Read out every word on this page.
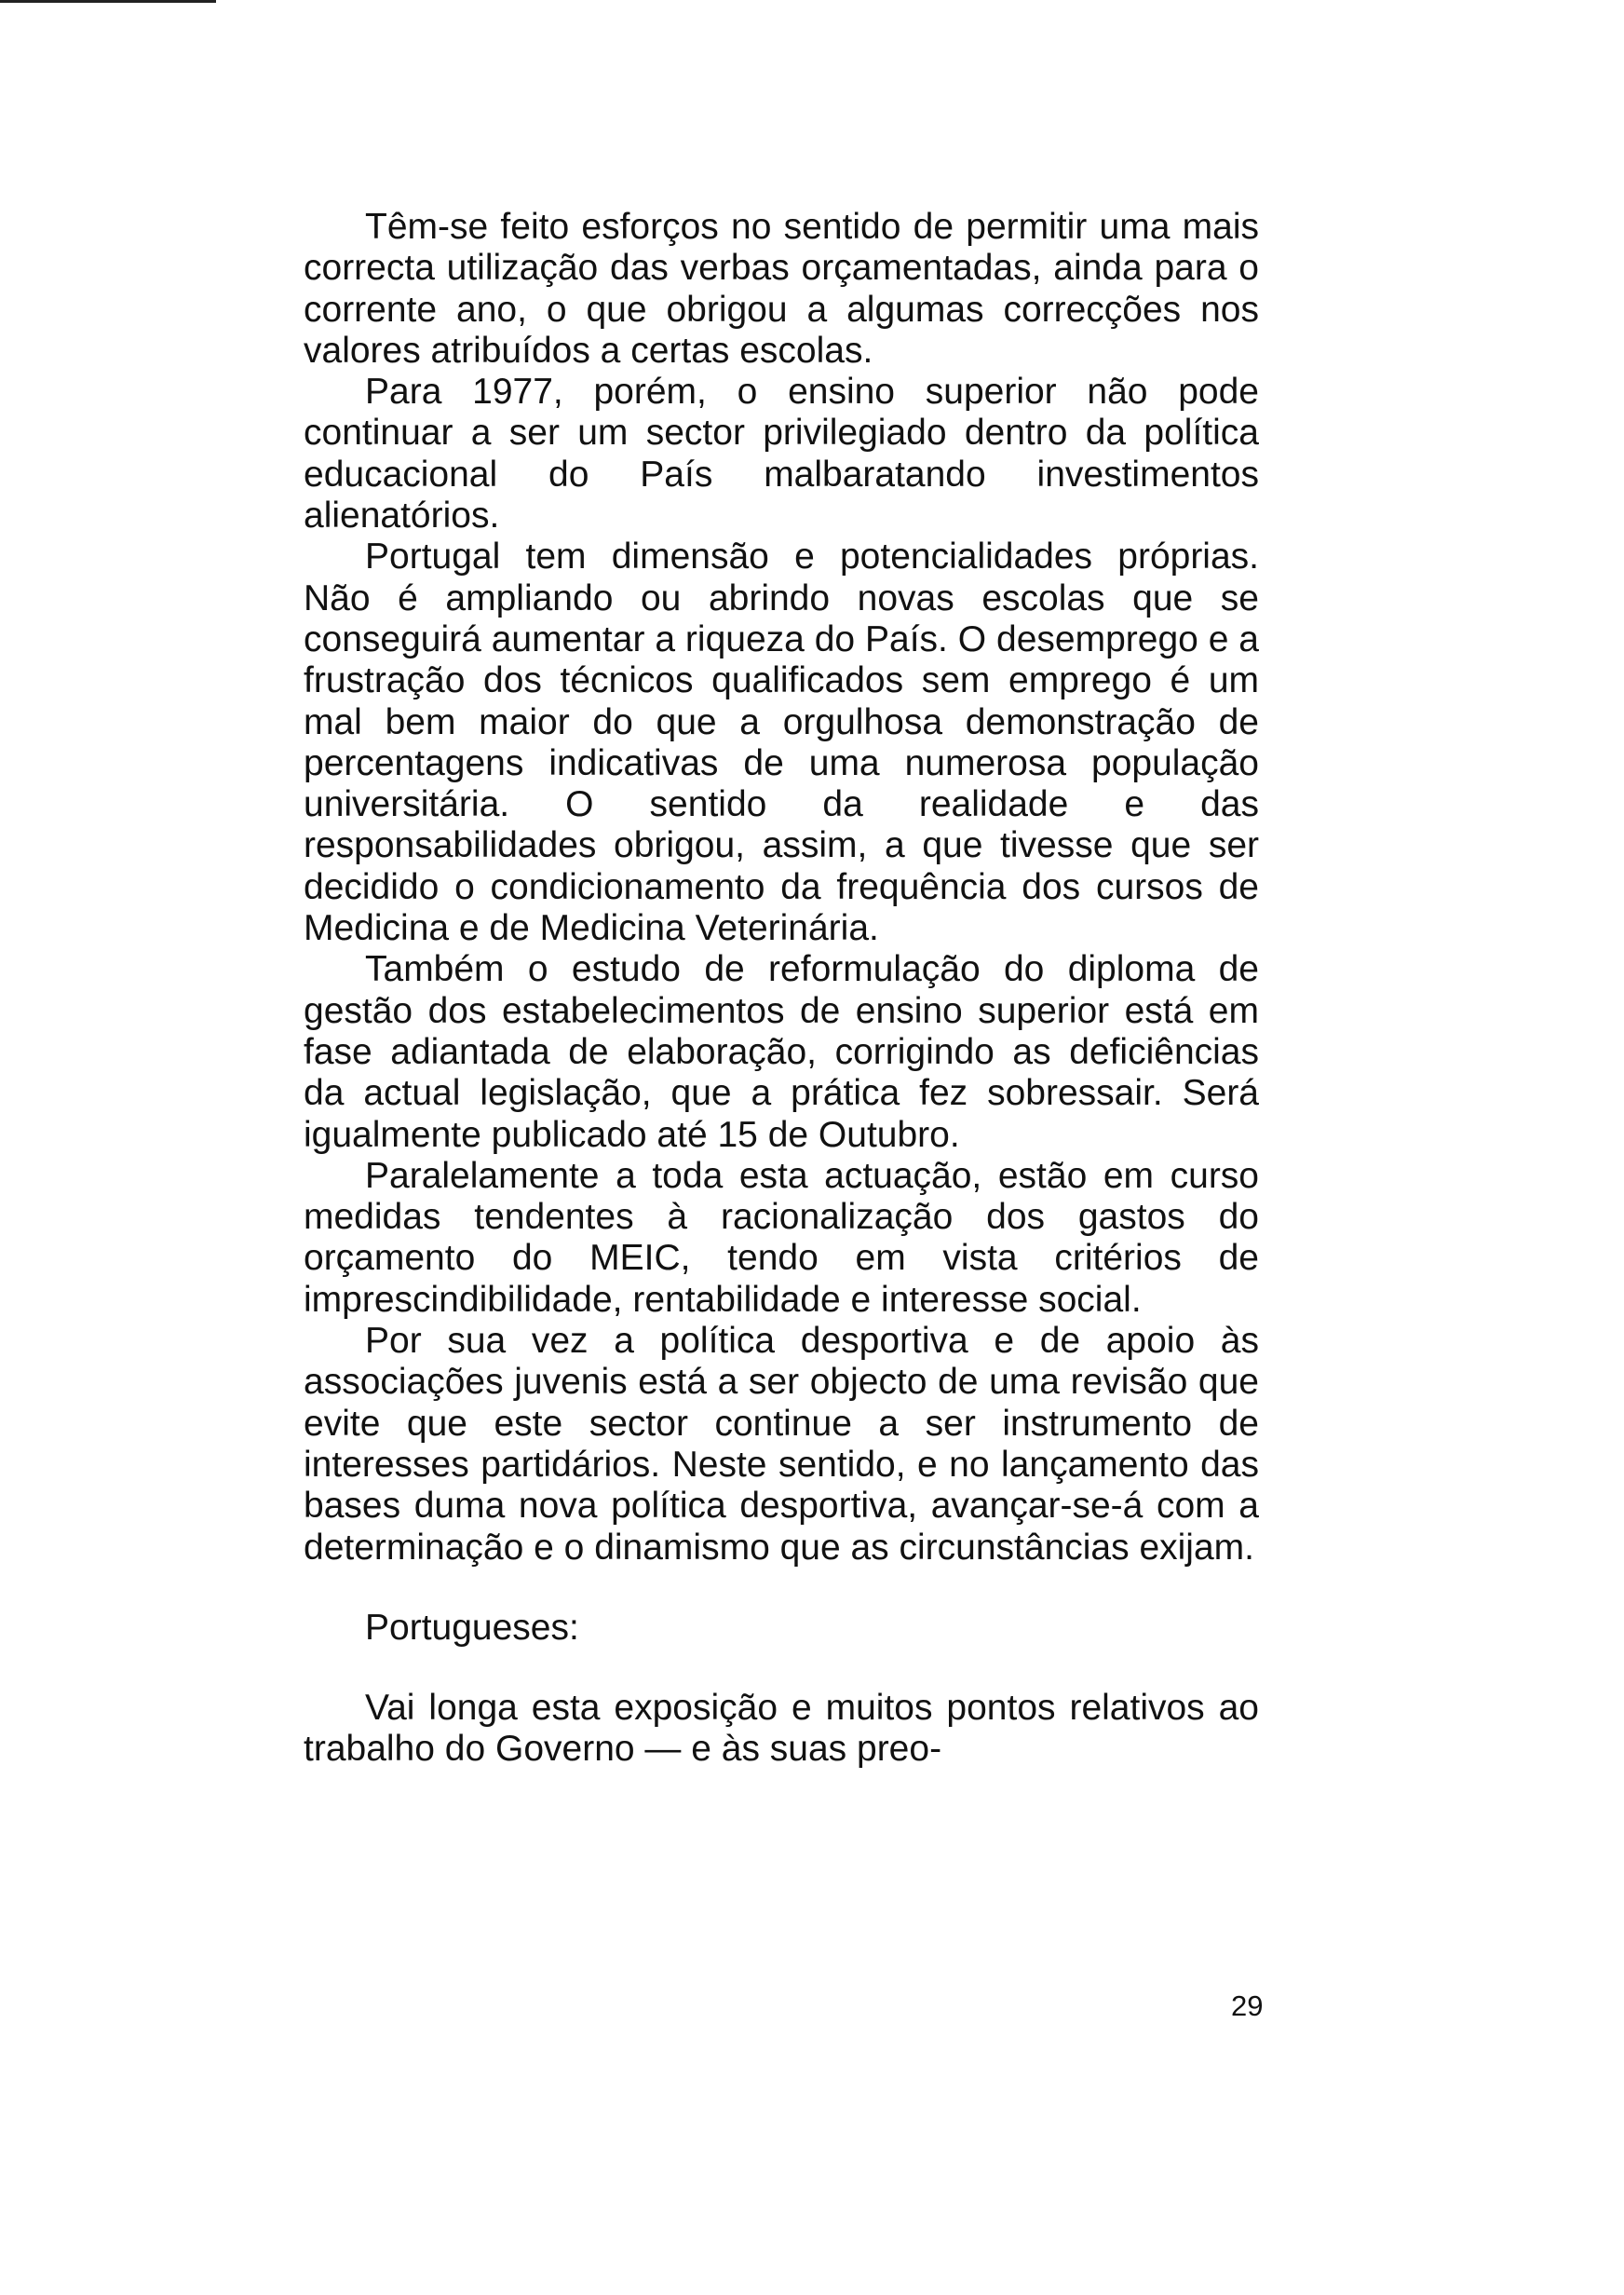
Têm-se feito esforços no sentido de permitir uma mais correcta utilização das verbas orçamentadas, ainda para o corrente ano, o que obrigou a algumas correcções nos valores atribuídos a certas escolas.

Para 1977, porém, o ensino superior não pode continuar a ser um sector privilegiado dentro da política educacional do País malbaratando investimentos alienatórios.

Portugal tem dimensão e potencialidades próprias. Não é ampliando ou abrindo novas escolas que se conseguirá aumentar a riqueza do País. O desemprego e a frustração dos técnicos qualificados sem emprego é um mal bem maior do que a orgulhosa demonstração de percentagens indicativas de uma numerosa população universitária. O sentido da realidade e das responsabilidades obrigou, assim, a que tivesse que ser decidido o condicionamento da frequência dos cursos de Medicina e de Medicina Veterinária.

Também o estudo de reformulação do diploma de gestão dos estabelecimentos de ensino superior está em fase adiantada de elaboração, corrigindo as deficiências da actual legislação, que a prática fez sobressair. Será igualmente publicado até 15 de Outubro.

Paralelamente a toda esta actuação, estão em curso medidas tendentes à racionalização dos gastos do orçamento do MEIC, tendo em vista critérios de imprescindibilidade, rentabilidade e interesse social.

Por sua vez a política desportiva e de apoio às associações juvenis está a ser objecto de uma revisão que evite que este sector continue a ser instrumento de interesses partidários. Neste sentido, e no lançamento das bases duma nova política desportiva, avançar-se-á com a determinação e o dinamismo que as circunstâncias exijam.

Portugueses:

Vai longa esta exposição e muitos pontos relativos ao trabalho do Governo — e às suas preo-

29
